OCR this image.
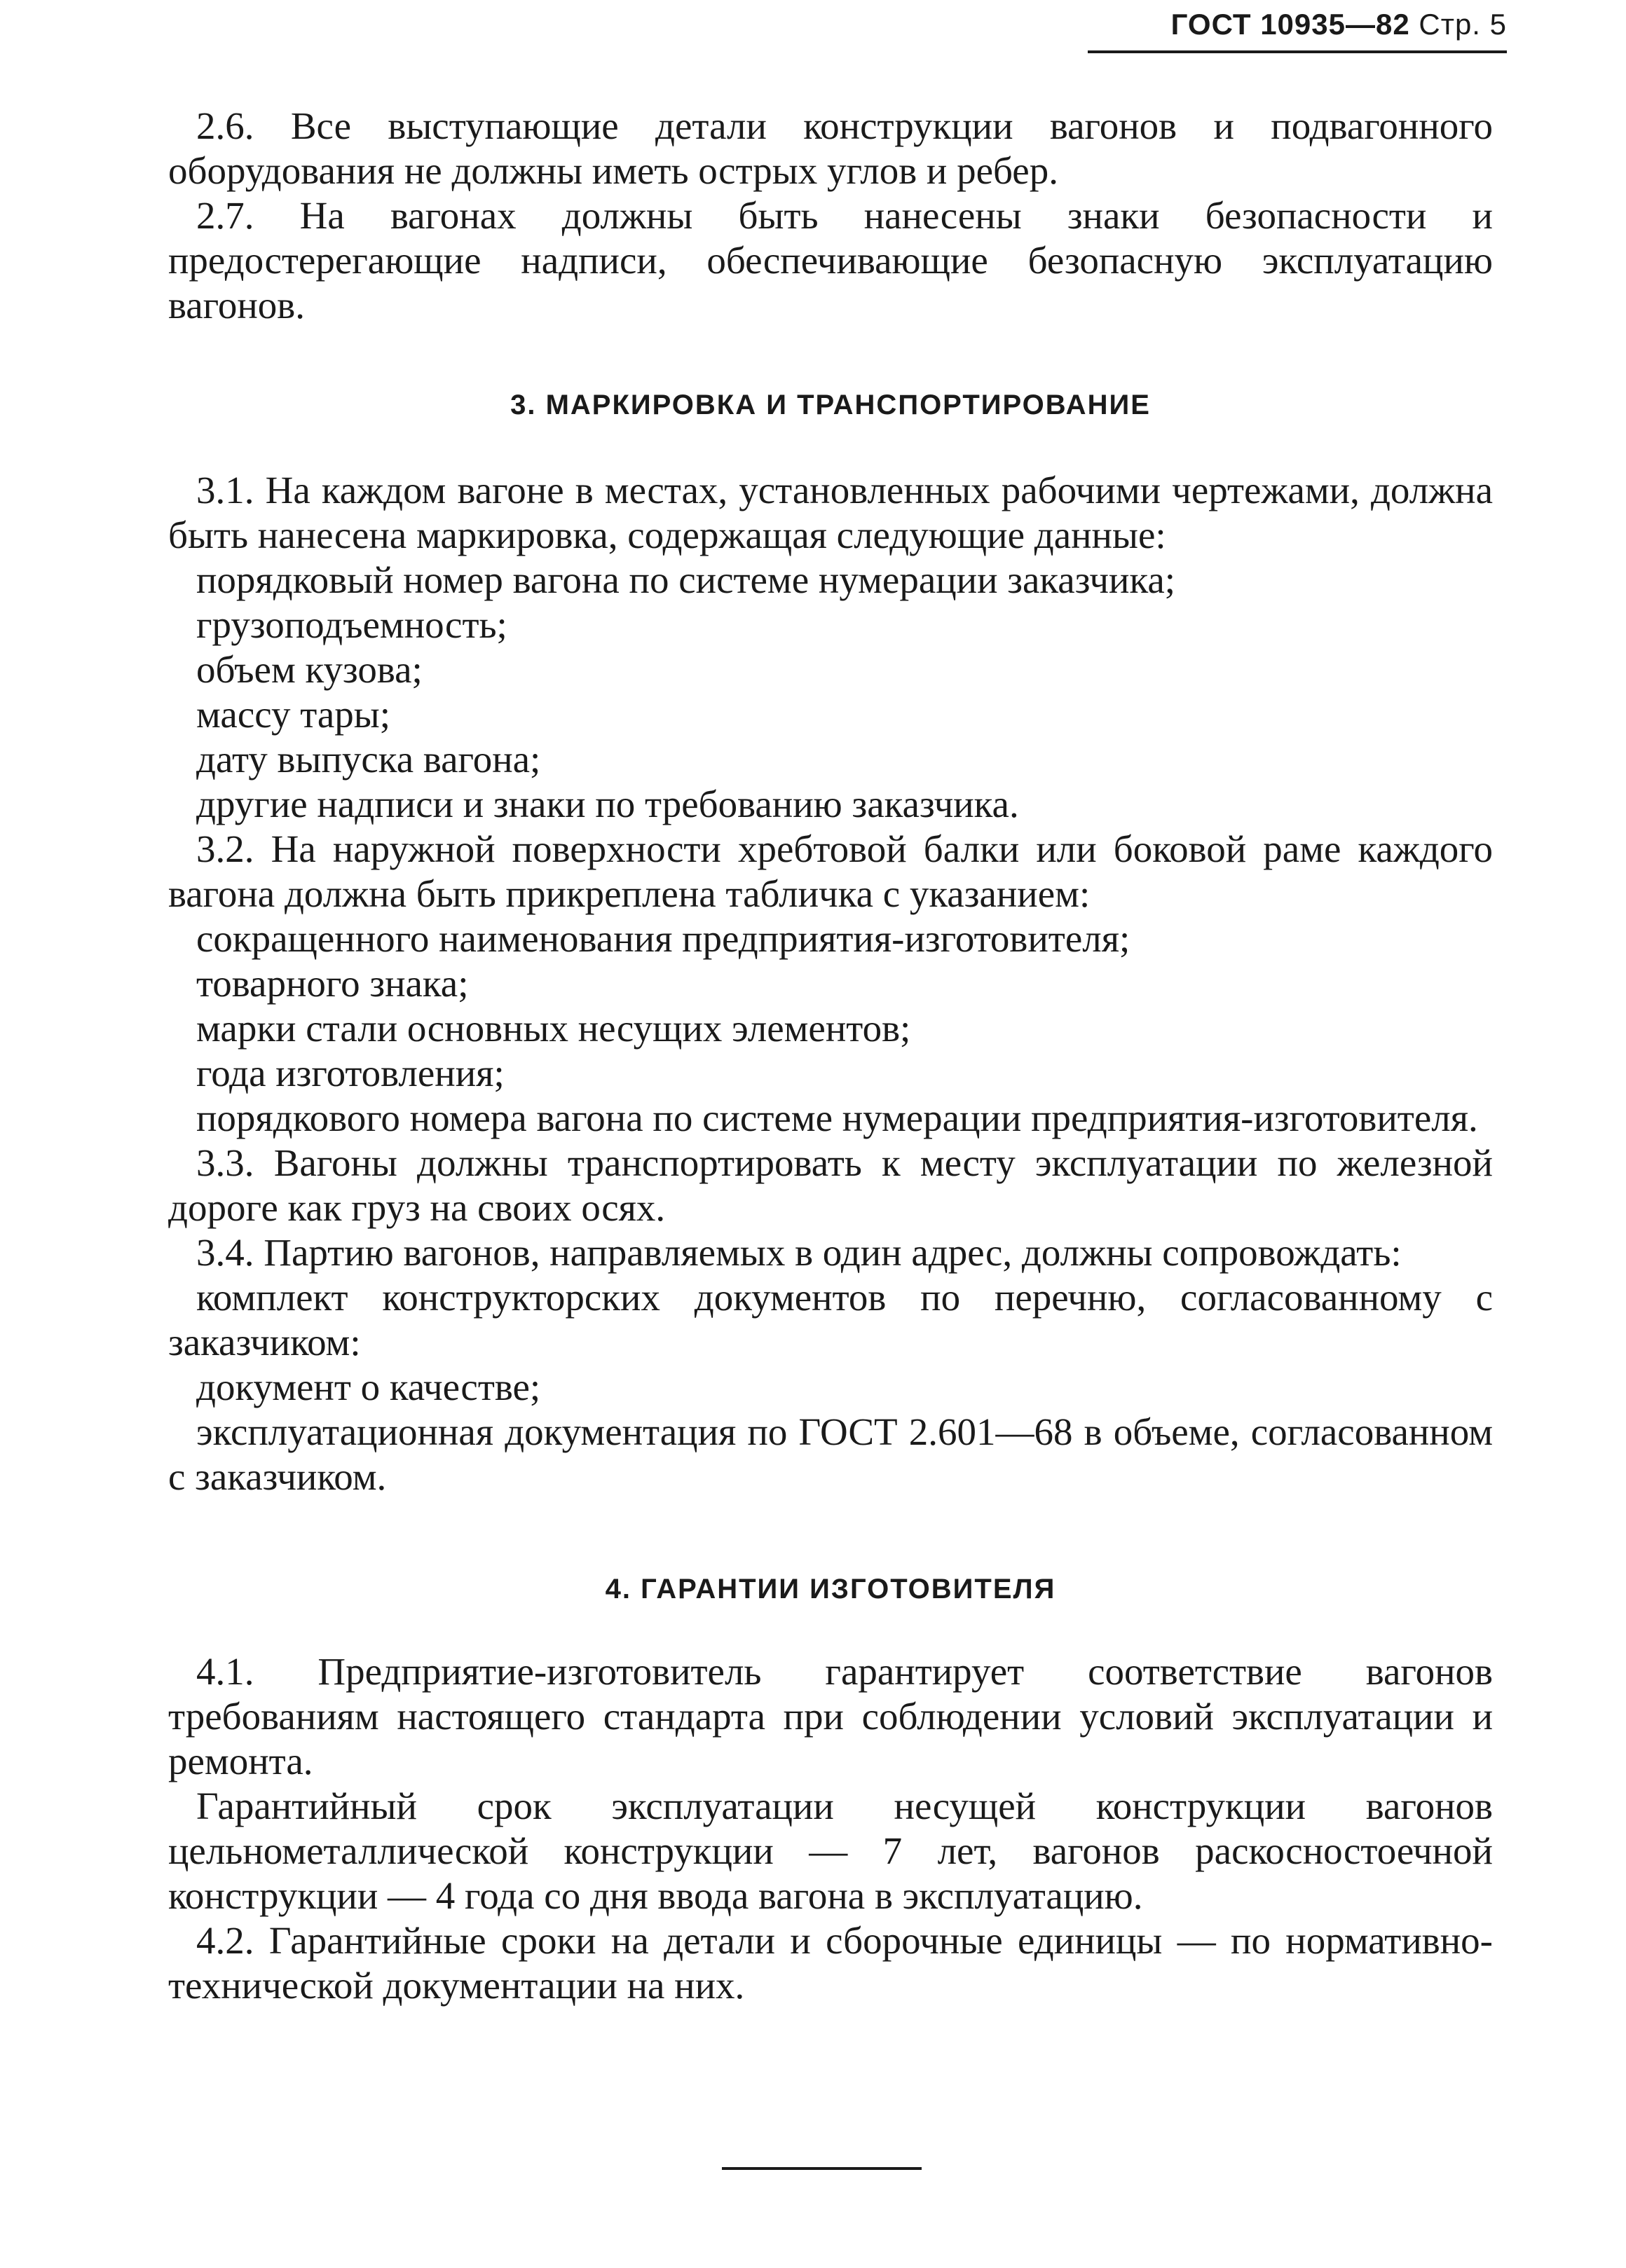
ГОСТ 10935—82 Стр. 5

2.6. Все выступающие детали конструкции вагонов и подвагонного оборудования не должны иметь острых углов и ребер.

2.7. На вагонах должны быть нанесены знаки безопасности и предостерегающие надписи, обеспечивающие безопасную эксплуатацию вагонов.

3. МАРКИРОВКА И ТРАНСПОРТИРОВАНИЕ

3.1. На каждом вагоне в местах, установленных рабочими чертежами, должна быть нанесена маркировка, содержащая следующие данные:

порядковый номер вагона по системе нумерации заказчика;

грузоподъемность;

объем кузова;

массу тары;

дату выпуска вагона;

другие надписи и знаки по требованию заказчика.

3.2. На наружной поверхности хребтовой балки или боковой раме каждого вагона должна быть прикреплена табличка с указанием:

сокращенного наименования предприятия-изготовителя;

товарного знака;

марки стали основных несущих элементов;

года изготовления;

порядкового номера вагона по системе нумерации предприятия-изготовителя.

3.3. Вагоны должны транспортировать к месту эксплуатации по железной дороге как груз на своих осях.

3.4. Партию вагонов, направляемых в один адрес, должны сопровождать:

комплект конструкторских документов по перечню, согласованному с заказчиком:

документ о качестве;

эксплуатационная документация по ГОСТ 2.601—68 в объеме, согласованном с заказчиком.

4. ГАРАНТИИ ИЗГОТОВИТЕЛЯ

4.1. Предприятие-изготовитель гарантирует соответствие вагонов требованиям настоящего стандарта при соблюдении условий эксплуатации и ремонта.

Гарантийный срок эксплуатации несущей конструкции вагонов цельнометаллической конструкции — 7 лет, вагонов раскосностоечной конструкции — 4 года со дня ввода вагона в эксплуатацию.

4.2. Гарантийные сроки на детали и сборочные единицы — по нормативно-технической документации на них.
